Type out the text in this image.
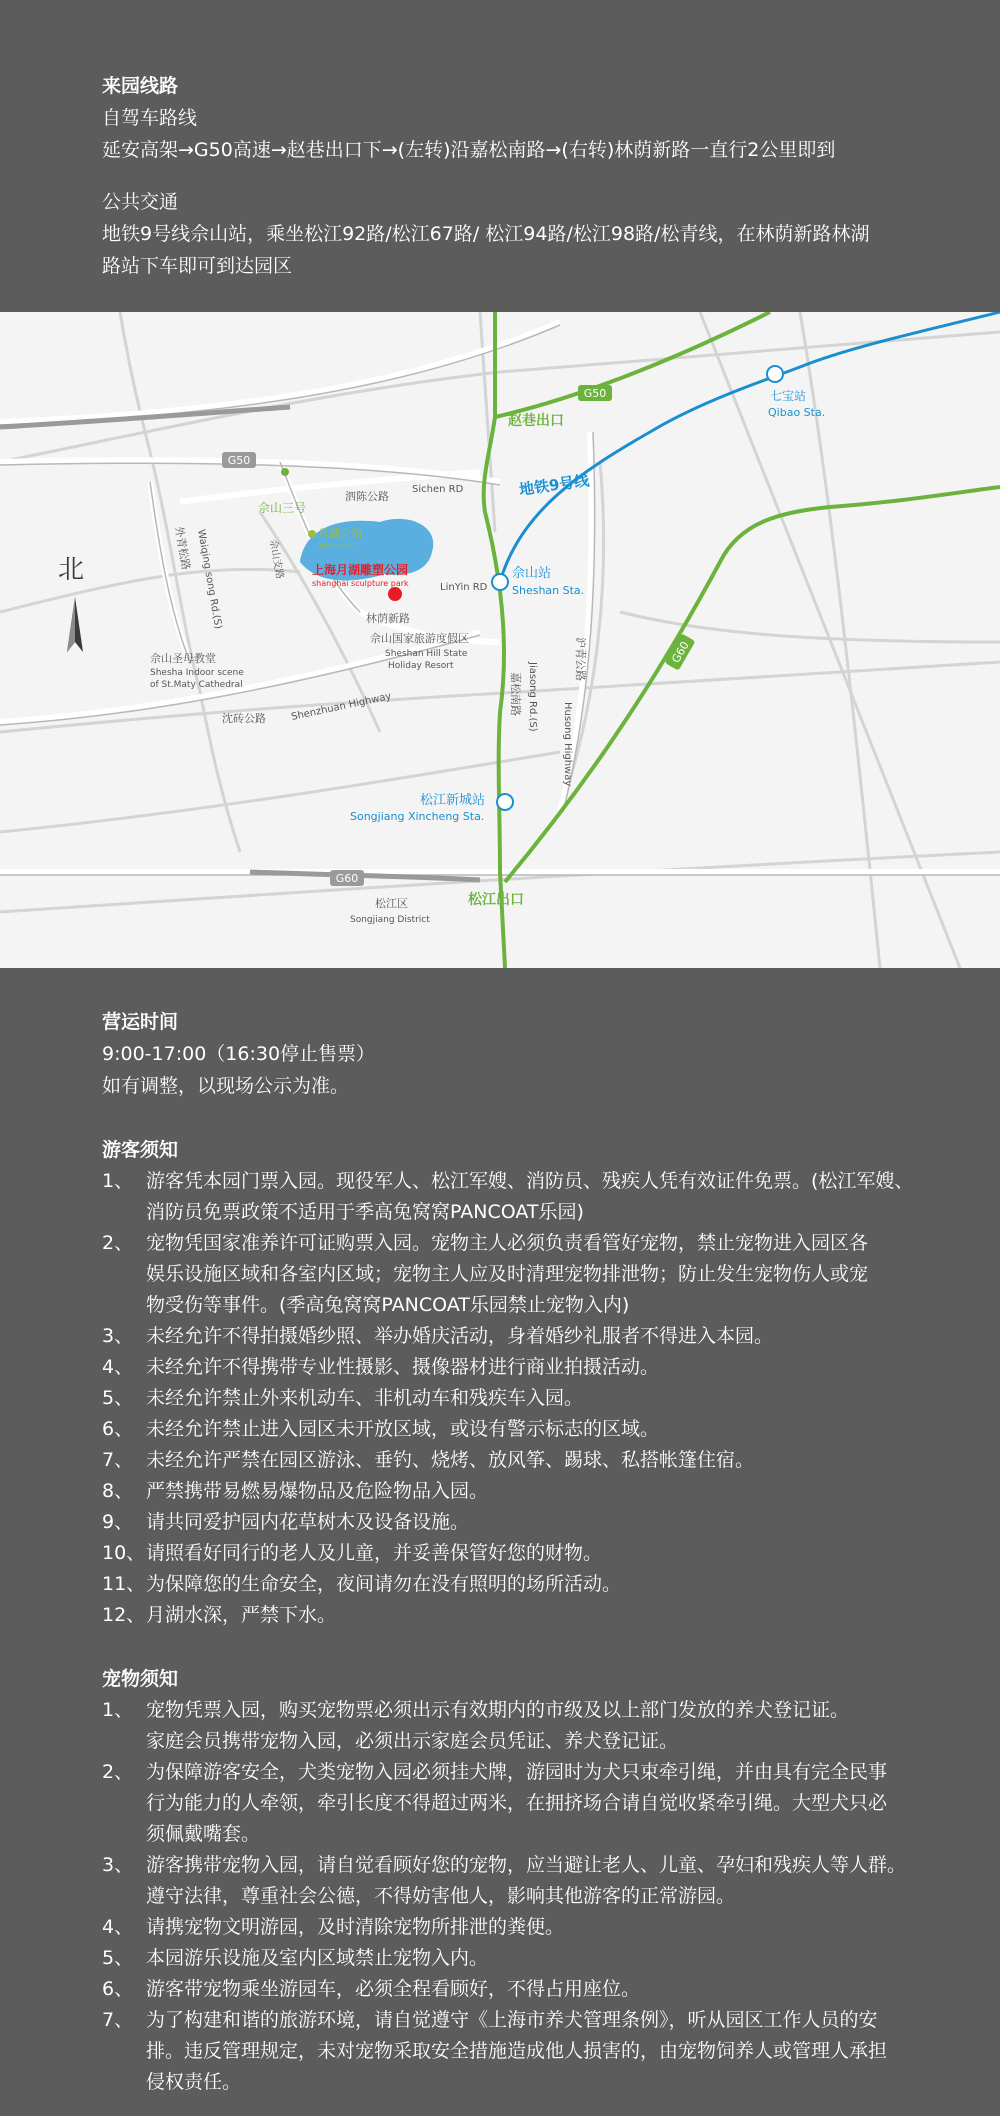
来园线路
自驾车路线
延安高架→G50高速→赵巷出口下→(左转)沿嘉松南路→(右转)林荫新路一直行2公里即到
公共交通
地铁9号线佘山站，乘坐松江92路/松江67路/ 松江94路/松江98路/松青线，在林荫新路林湖
路站下车即可到达园区
G50
G50
G60
G60
北
赵巷出口
七宝站
Qibao Sta.
地铁9号线
佘山三号
泗陈公路
Sichen RD
外青松路 Waiqing song Rd.(S)	月湖会馆
Yuehu Hall
上海月湖雕塑公园
shanghai sculpture park
佘山支路	佘山站
Sheshan Sta.
LinYin RD
林荫新路
佘山国家旅游度假区
Sheshan Hill State
Holiday Resort
佘山圣母教堂
Shesha Indoor scene
of St.Maty Cathedral
沈砖公路 Shenzhuan Highway	嘉松南路 Jiasong Rd.(S)
沪青公路
Husong Highway
松江新城站
Songjiang Xincheng Sta.
松江出口
松江区
Songjiang District
营运时间
9:00-17:00（16:30停止售票）
如有调整，以现场公示为准。
游客须知
1、 游客凭本园门票入园。现役军人、松江军嫂、消防员、残疾人凭有效证件免票。(松江军嫂、
消防员免票政策不适用于季高兔窝窝PANCOAT乐园)
2、 宠物凭国家准养许可证购票入园。宠物主人必须负责看管好宠物，禁止宠物进入园区各
娱乐设施区域和各室内区域；宠物主人应及时清理宠物排泄物；防止发生宠物伤人或宠
物受伤等事件。(季高兔窝窝PANCOAT乐园禁止宠物入内)
3、 未经允许不得拍摄婚纱照、举办婚庆活动，身着婚纱礼服者不得进入本园。
4、 未经允许不得携带专业性摄影、摄像器材进行商业拍摄活动。
5、 未经允许禁止外来机动车、非机动车和残疾车入园。
6、 未经允许禁止进入园区未开放区域，或设有警示标志的区域。
7、 未经允许严禁在园区游泳、垂钓、烧烤、放风筝、踢球、私搭帐篷住宿。
8、 严禁携带易燃易爆物品及危险物品入园。
9、 请共同爱护园内花草树木及设备设施。
10、 请照看好同行的老人及儿童，并妥善保管好您的财物。
11、 为保障您的生命安全，夜间请勿在没有照明的场所活动。
12、 月湖水深，严禁下水。
宠物须知
1、 宠物凭票入园，购买宠物票必须出示有效期内的市级及以上部门发放的养犬登记证。
家庭会员携带宠物入园，必须出示家庭会员凭证、养犬登记证。
2、 为保障游客安全，犬类宠物入园必须挂犬牌，游园时为犬只束牵引绳，并由具有完全民事
行为能力的人牵领，牵引长度不得超过两米，在拥挤场合请自觉收紧牵引绳。大型犬只必
须佩戴嘴套。
3、 游客携带宠物入园，请自觉看顾好您的宠物，应当避让老人、儿童、孕妇和残疾人等人群。
遵守法律，尊重社会公德，不得妨害他人，影响其他游客的正常游园。
4、 请携宠物文明游园，及时清除宠物所排泄的粪便。
5、 本园游乐设施及室内区域禁止宠物入内。
6、 游客带宠物乘坐游园车，必须全程看顾好，不得占用座位。
7、 为了构建和谐的旅游环境，请自觉遵守《上海市养犬管理条例》，听从园区工作人员的安
排。违反管理规定，未对宠物采取安全措施造成他人损害的，由宠物饲养人或管理人承担
侵权责任。
